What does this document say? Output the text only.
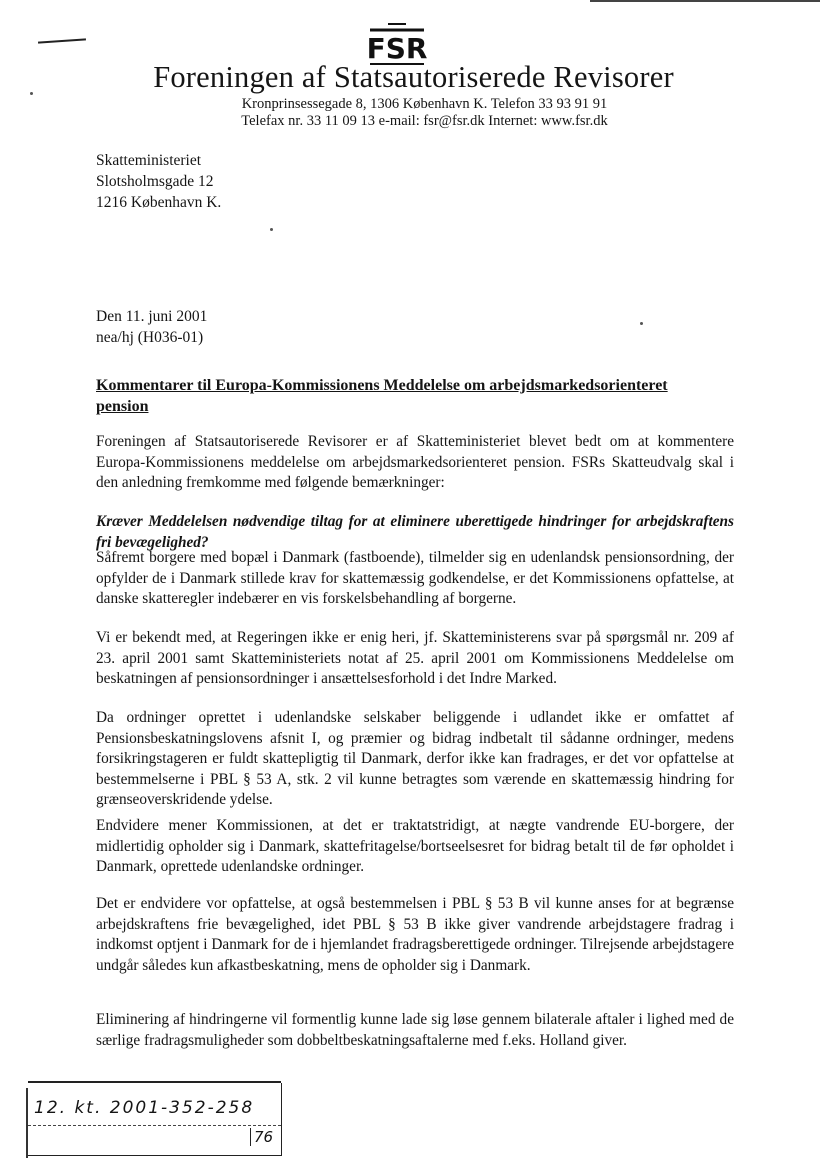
FSR
Foreningen af Statsautoriserede Revisorer
Kronprinsessegade 8, 1306 København K. Telefon 33 93 91 91
Telefax nr. 33 11 09 13 e-mail: fsr@fsr.dk Internet: www.fsr.dk
Skatteministeriet
Slotsholmsgade 12
1216 København K.
Den 11. juni 2001
nea/hj (H036-01)
Kommentarer til Europa-Kommissionens Meddelelse om arbejdsmarkedsorienteret pension

Foreningen af Statsautoriserede Revisorer er af Skatteministeriet blevet bedt om at kommentere Europa-Kommissionens meddelelse om arbejdsmarkedsorienteret pension. FSRs Skatteudvalg skal i den anledning fremkomme med følgende bemærkninger:

Kræver Meddelelsen nødvendige tiltag for at eliminere uberettigede hindringer for arbejdskraftens fri bevægelighed?

Såfremt borgere med bopæl i Danmark (fastboende), tilmelder sig en udenlandsk pensionsordning, der opfylder de i Danmark stillede krav for skattemæssig godkendelse, er det Kommissionens opfattelse, at danske skatteregler indebærer en vis forskelsbehandling af borgerne.

Vi er bekendt med, at Regeringen ikke er enig heri, jf. Skatteministerens svar på spørgsmål nr. 209 af 23. april 2001 samt Skatteministeriets notat af 25. april 2001 om Kommissionens Meddelelse om beskatningen af pensionsordninger i ansættelsesforhold i det Indre Marked.

Da ordninger oprettet i udenlandske selskaber beliggende i udlandet ikke er omfattet af Pensionsbeskatningslovens afsnit I, og præmier og bidrag indbetalt til sådanne ordninger, medens forsikringstageren er fuldt skattepligtig til Danmark, derfor ikke kan fradrages, er det vor opfattelse at bestemmelserne i PBL § 53 A, stk. 2 vil kunne betragtes som værende en skattemæssig hindring for grænseoverskridende ydelse.

Endvidere mener Kommissionen, at det er traktatstridigt, at nægte vandrende EU-borgere, der midlertidig opholder sig i Danmark, skattefritagelse/bortseelsesret for bidrag betalt til de før opholdet i Danmark, oprettede udenlandske ordninger.

Det er endvidere vor opfattelse, at også bestemmelsen i PBL § 53 B vil kunne anses for at begrænse arbejdskraftens frie bevægelighed, idet PBL § 53 B ikke giver vandrende arbejdstagere fradrag i indkomst optjent i Danmark for de i hjemlandet fradragsberettigede ordninger. Tilrejsende arbejdstagere undgår således kun afkastbeskatning, mens de opholder sig i Danmark.

Eliminering af hindringerne vil formentlig kunne lade sig løse gennem bilaterale aftaler i lighed med de særlige fradragsmuligheder som dobbeltbeskatningsaftalerne med f.eks. Holland giver.

12. kt. 2001-352-258
76
